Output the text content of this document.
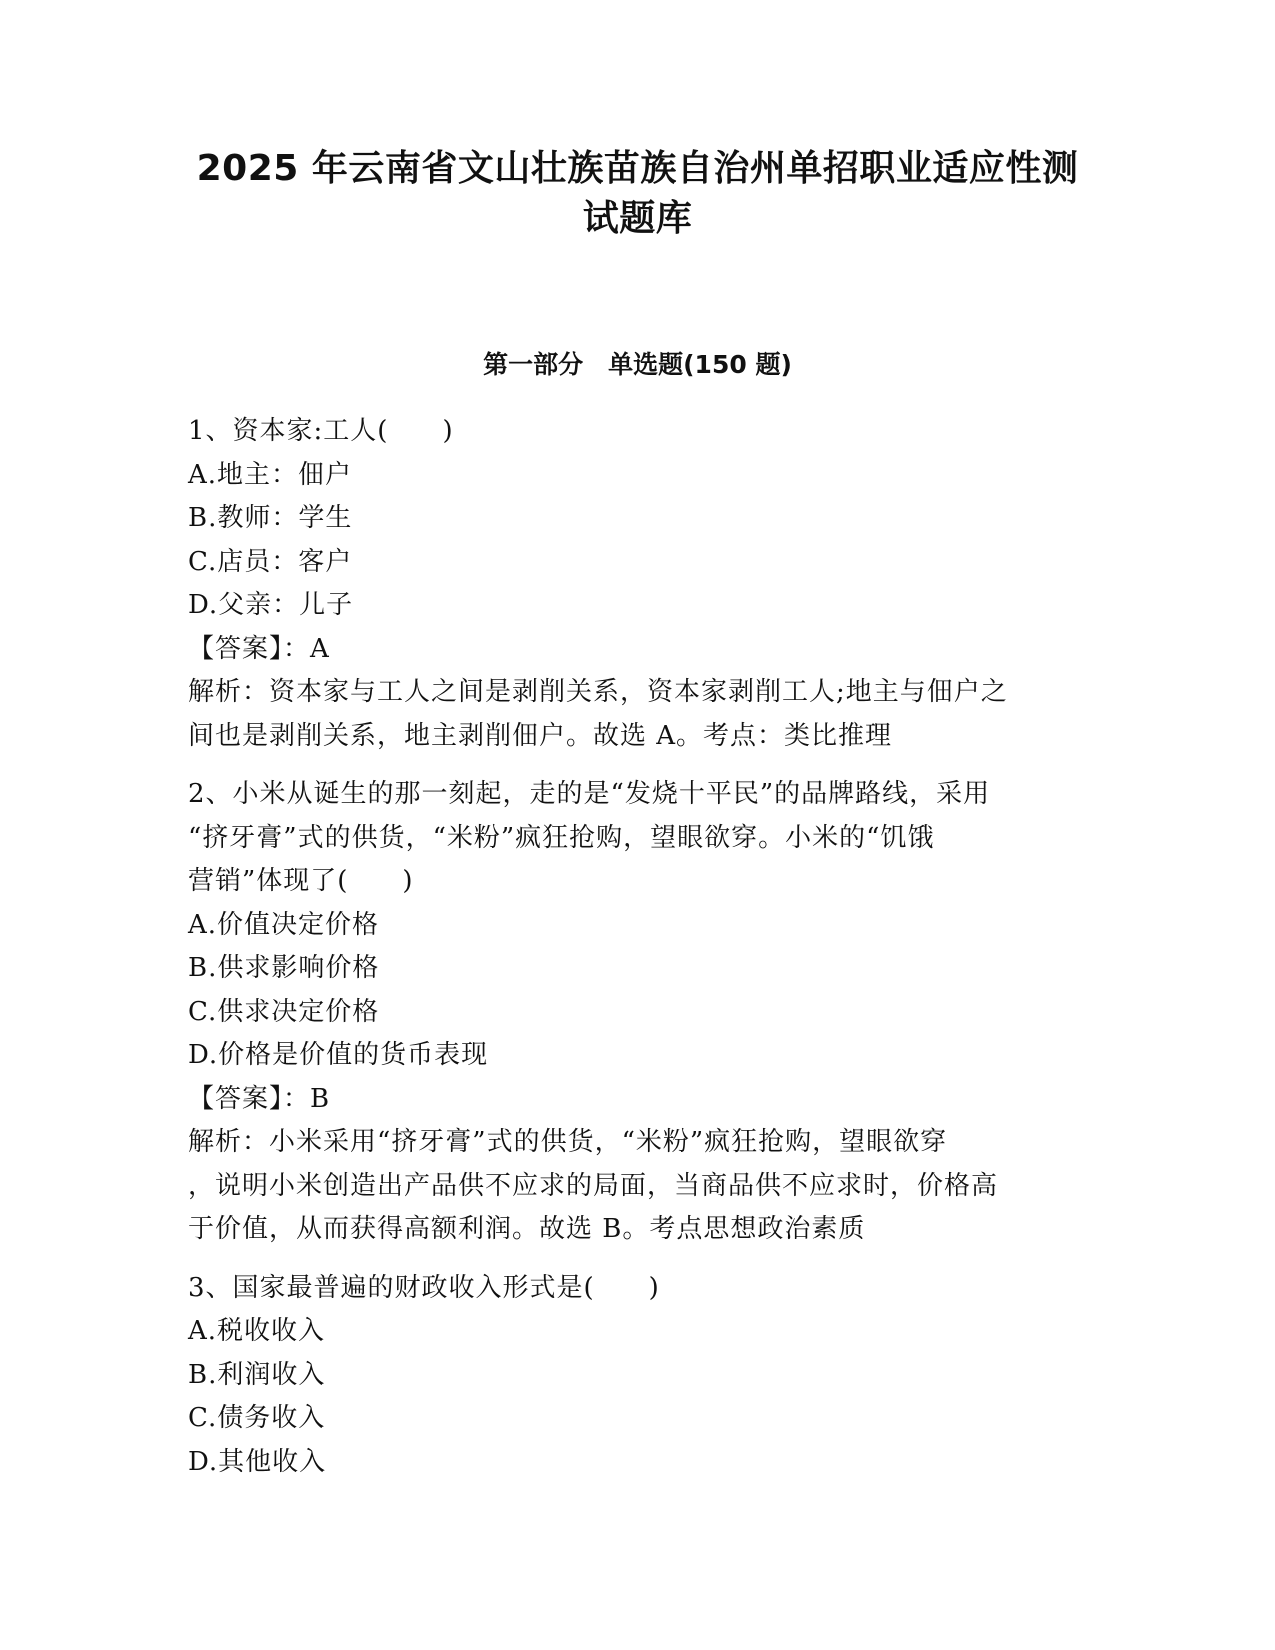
2025 年云南省文山壮族苗族自治州单招职业适应性测
试题库
第一部分　单选题(150 题)
1、资本家:工人(　　)
A.地主：佃户
B.教师：学生
C.店员：客户
D.父亲：儿子
【答案】：A
解析：资本家与工人之间是剥削关系，资本家剥削工人;地主与佃户之
间也是剥削关系，地主剥削佃户。故选 A。考点：类比推理
2、小米从诞生的那一刻起，走的是“发烧十平民”的品牌路线，采用
“挤牙膏”式的供货，“米粉”疯狂抢购，望眼欲穿。小米的“饥饿
营销”体现了(　　)
A.价值决定价格
B.供求影响价格
C.供求决定价格
D.价格是价值的货币表现
【答案】：B
解析：小米采用“挤牙膏”式的供货，“米粉”疯狂抢购，望眼欲穿
，说明小米创造出产品供不应求的局面，当商品供不应求时，价格高
于价值，从而获得高额利润。故选 B。考点思想政治素质
3、国家最普遍的财政收入形式是(　　)
A.税收收入
B.利润收入
C.债务收入
D.其他收入
